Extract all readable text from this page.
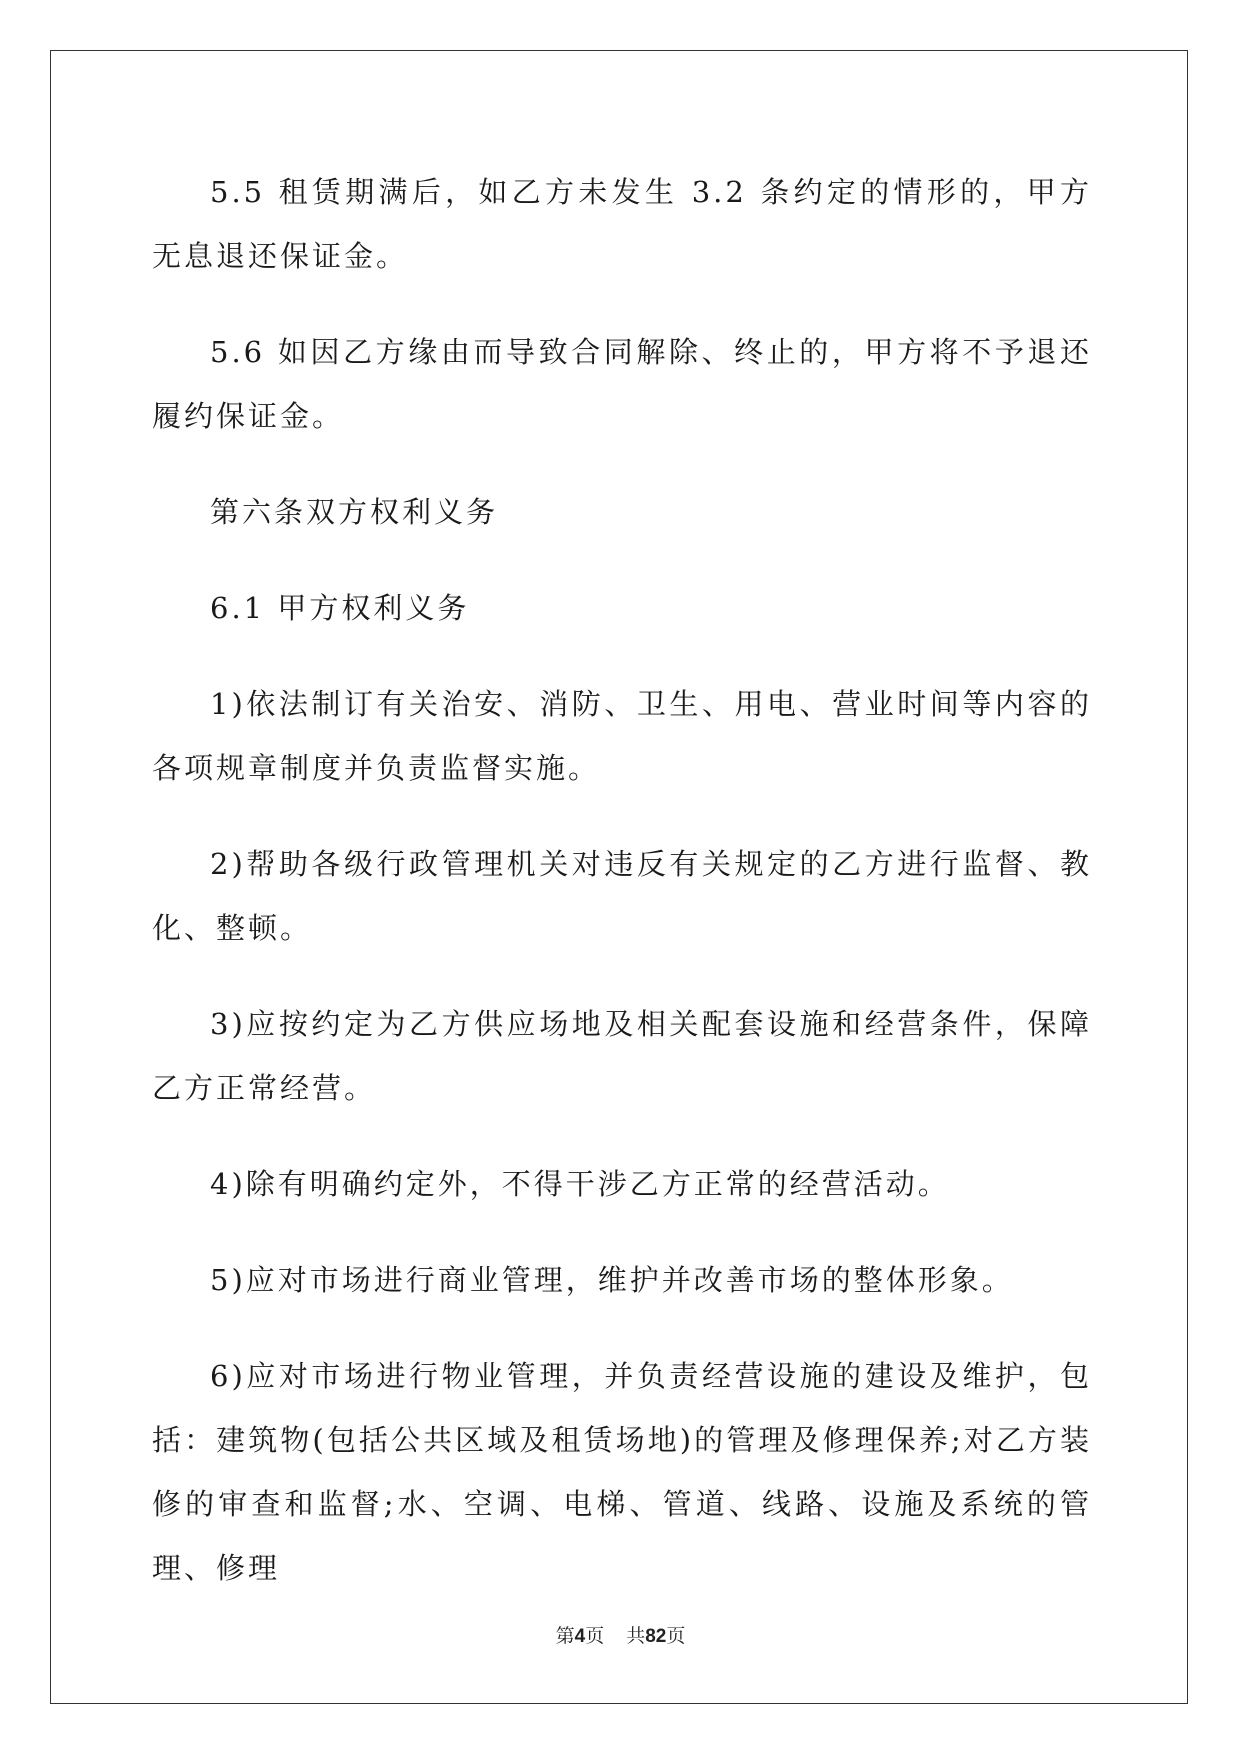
5.5 租赁期满后，如乙方未发生 3.2 条约定的情形的，甲方无息退还保证金。

5.6 如因乙方缘由而导致合同解除、终止的，甲方将不予退还履约保证金。

第六条双方权利义务

6.1 甲方权利义务

1)依法制订有关治安、消防、卫生、用电、营业时间等内容的各项规章制度并负责监督实施。

2)帮助各级行政管理机关对违反有关规定的乙方进行监督、教化、整顿。

3)应按约定为乙方供应场地及相关配套设施和经营条件，保障乙方正常经营。

4)除有明确约定外，不得干涉乙方正常的经营活动。

5)应对市场进行商业管理，维护并改善市场的整体形象。

6)应对市场进行物业管理，并负责经营设施的建设及维护，包括：建筑物(包括公共区域及租赁场地)的管理及修理保养;对乙方装修的审查和监督;水、空调、电梯、管道、线路、设施及系统的管理、修理

第4页 共82页
